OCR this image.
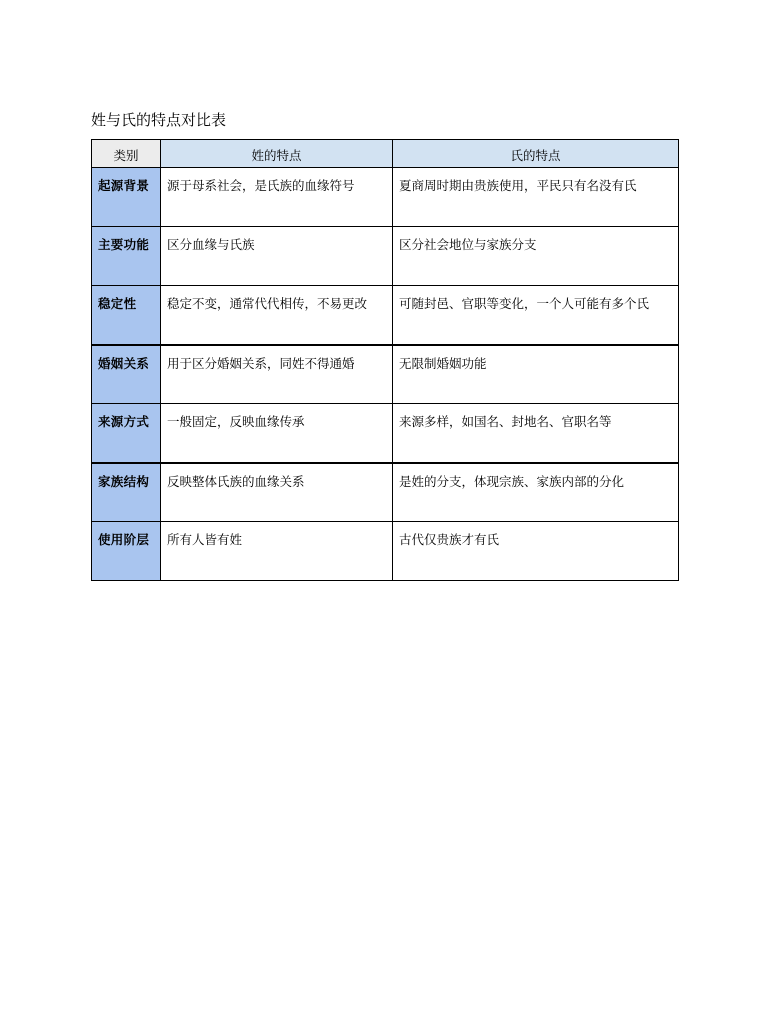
姓与氏的特点对比表
类别	姓的特点	氏的特点
起源背景	源于母系社会，是氏族的血缘符号	夏商周时期由贵族使用，平民只有名没有氏
主要功能	区分血缘与氏族	区分社会地位与家族分支
稳定性	稳定不变，通常代代相传，不易更改	可随封邑、官职等变化，一个人可能有多个氏
婚姻关系	用于区分婚姻关系，同姓不得通婚	无限制婚姻功能
来源方式	一般固定，反映血缘传承	来源多样，如国名、封地名、官职名等
家族结构	反映整体氏族的血缘关系	是姓的分支，体现宗族、家族内部的分化
使用阶层	所有人皆有姓	古代仅贵族才有氏
